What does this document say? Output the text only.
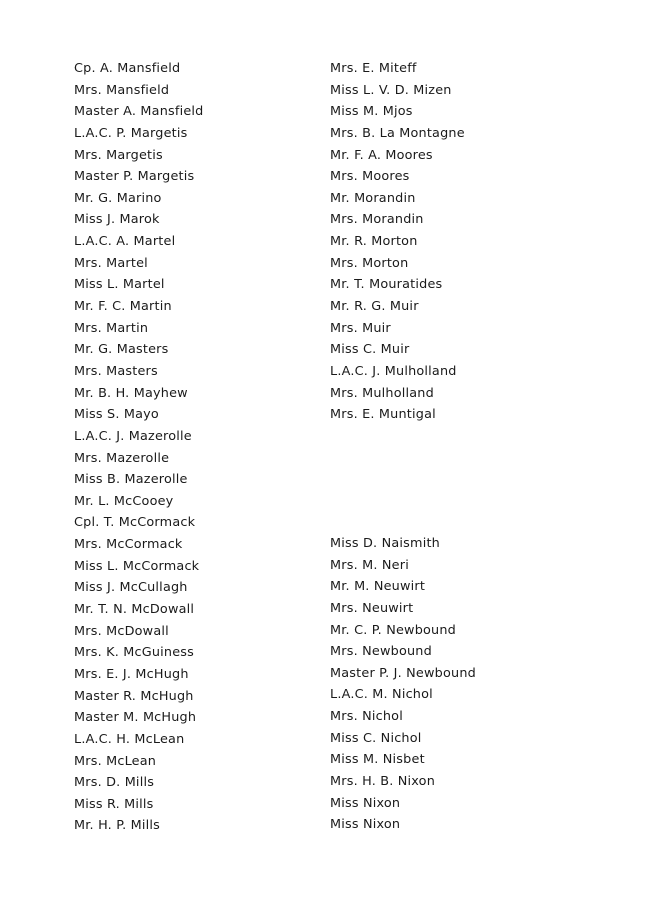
Cp. A. Mansfield
Mrs. Mansfield
Master A. Mansfield
L.A.C. P. Margetis
Mrs. Margetis
Master P. Margetis
Mr. G. Marino
Miss J. Marok
L.A.C. A. Martel
Mrs. Martel
Miss L. Martel
Mr. F. C. Martin
Mrs. Martin
Mr. G. Masters
Mrs. Masters
Mr. B. H. Mayhew
Miss S. Mayo
L.A.C. J. Mazerolle
Mrs. Mazerolle
Miss B. Mazerolle
Mr. L. McCooey
Cpl. T. McCormack
Mrs. McCormack
Miss L. McCormack
Miss J. McCullagh
Mr. T. N. McDowall
Mrs. McDowall
Mrs. K. McGuiness
Mrs. E. J. McHugh
Master R. McHugh
Master M. McHugh
L.A.C. H. McLean
Mrs. McLean
Mrs. D. Mills
Miss R. Mills
Mr. H. P. Mills
Mrs. E. Miteff
Miss L. V. D. Mizen
Miss M. Mjos
Mrs. B. La Montagne
Mr. F. A. Moores
Mrs. Moores
Mr. Morandin
Mrs. Morandin
Mr. R. Morton
Mrs. Morton
Mr. T. Mouratides
Mr. R. G. Muir
Mrs. Muir
Miss C. Muir
L.A.C. J. Mulholland
Mrs. Mulholland
Mrs. E. Muntigal
Miss D. Naismith
Mrs. M. Neri
Mr. M. Neuwirt
Mrs. Neuwirt
Mr. C. P. Newbound
Mrs. Newbound
Master P. J. Newbound
L.A.C. M. Nichol
Mrs. Nichol
Miss C. Nichol
Miss M. Nisbet
Mrs. H. B. Nixon
Miss Nixon
Miss Nixon
